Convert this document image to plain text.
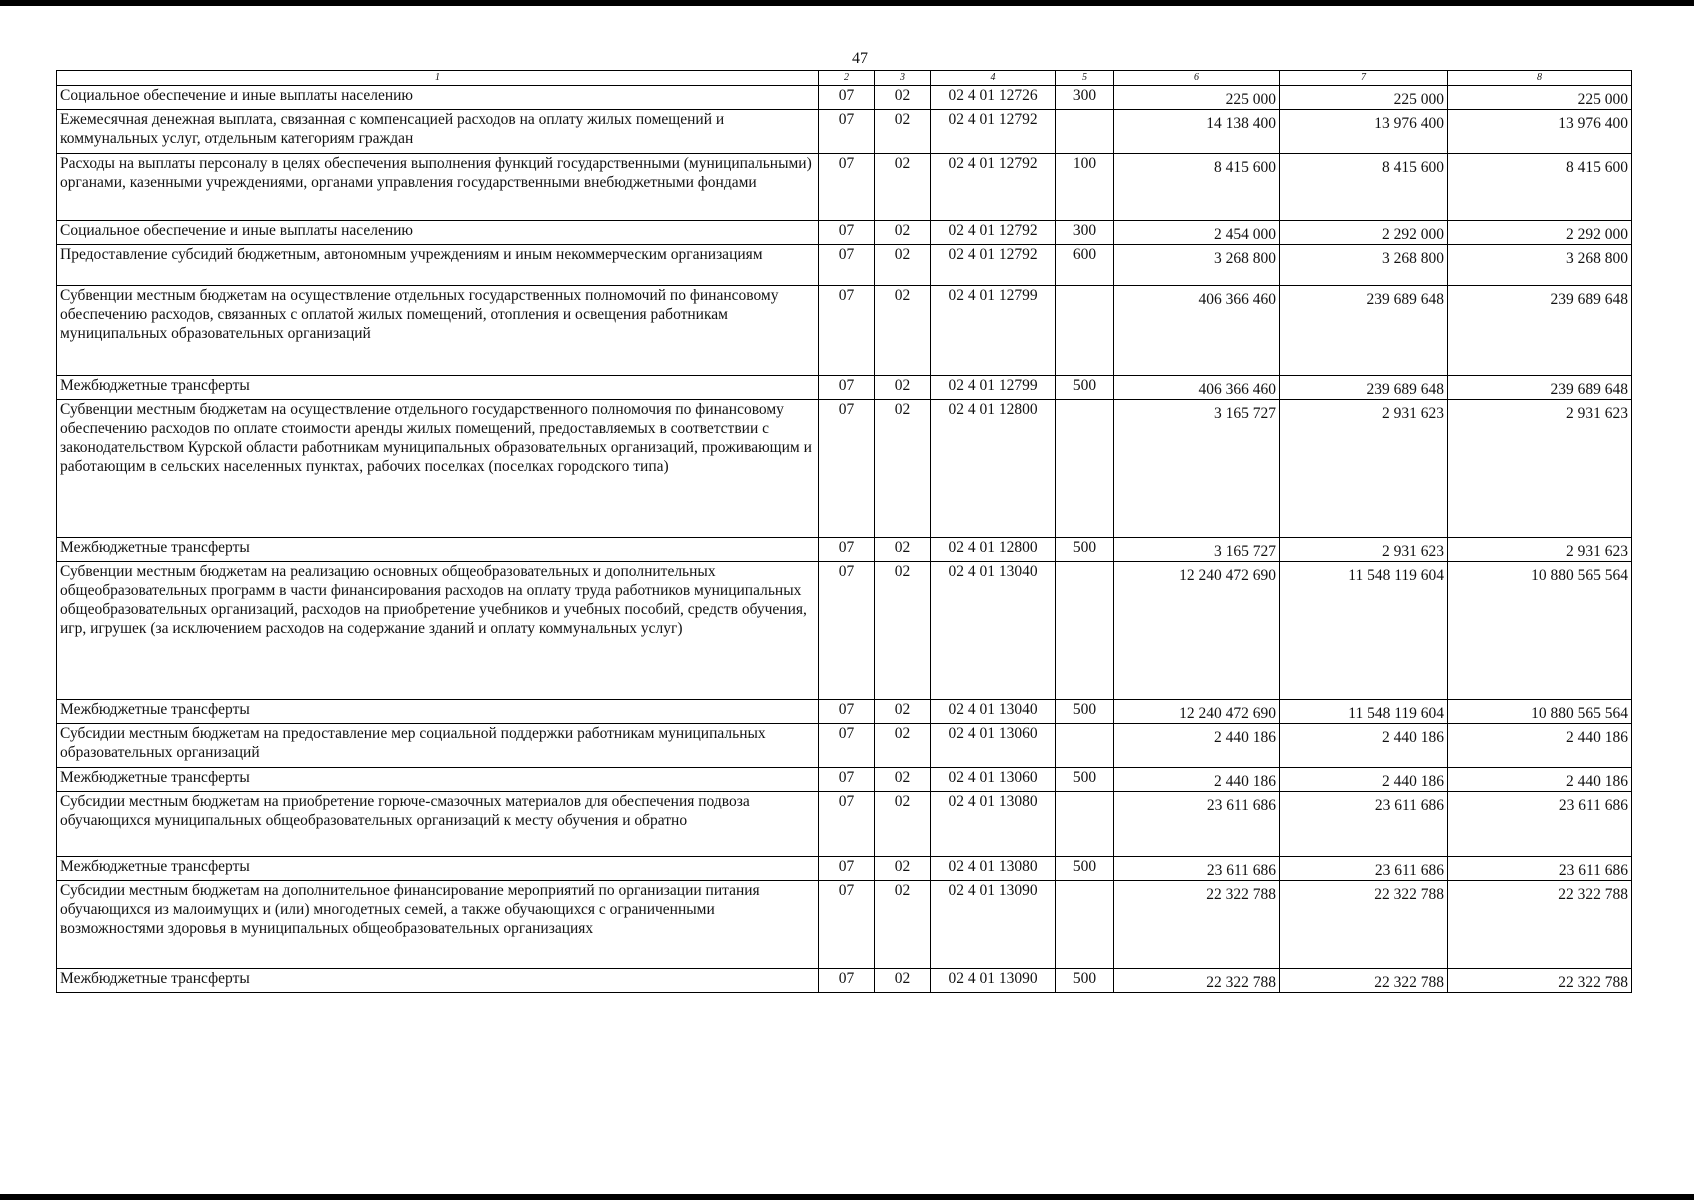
47
1	2	3	4	5	6	7	8
Социальное обеспечение и иные выплаты населению	07	02	02 4 01 12726	300	225 000	225 000	225 000
Ежемесячная денежная выплата, связанная с компенсацией расходов на оплату жилых помещений и коммунальных услуг, отдельным категориям граждан	07	02	02 4 01 12792		14 138 400	13 976 400	13 976 400
Расходы на выплаты персоналу в целях обеспечения выполнения функций государственными (муниципальными) органами, казенными учреждениями, органами управления государственными внебюджетными фондами	07	02	02 4 01 12792	100	8 415 600	8 415 600	8 415 600
Социальное обеспечение и иные выплаты населению	07	02	02 4 01 12792	300	2 454 000	2 292 000	2 292 000
Предоставление субсидий бюджетным, автономным учреждениям и иным некоммерческим организациям	07	02	02 4 01 12792	600	3 268 800	3 268 800	3 268 800
Субвенции местным бюджетам на осуществление отдельных государственных полномочий по финансовому обеспечению расходов, связанных с оплатой жилых помещений, отопления и освещения работникам муниципальных образовательных организаций	07	02	02 4 01 12799		406 366 460	239 689 648	239 689 648
Межбюджетные трансферты	07	02	02 4 01 12799	500	406 366 460	239 689 648	239 689 648
Субвенции местным бюджетам на осуществление отдельного государственного полномочия по финансовому обеспечению расходов по оплате стоимости аренды жилых помещений, предоставляемых в соответствии с законодательством Курской области работникам муниципальных образовательных организаций, проживающим и работающим в сельских населенных пунктах, рабочих поселках (поселках городского типа)	07	02	02 4 01 12800		3 165 727	2 931 623	2 931 623
Межбюджетные трансферты	07	02	02 4 01 12800	500	3 165 727	2 931 623	2 931 623
Субвенции местным бюджетам на реализацию основных общеобразовательных и дополнительных общеобразовательных программ в части финансирования расходов на оплату труда работников муниципальных общеобразовательных организаций, расходов на приобретение учебников и учебных пособий, средств обучения, игр, игрушек (за исключением расходов на содержание зданий и оплату коммунальных услуг)	07	02	02 4 01 13040		12 240 472 690	11 548 119 604	10 880 565 564
Межбюджетные трансферты	07	02	02 4 01 13040	500	12 240 472 690	11 548 119 604	10 880 565 564
Субсидии местным бюджетам на предоставление мер социальной поддержки работникам муниципальных образовательных организаций	07	02	02 4 01 13060		2 440 186	2 440 186	2 440 186
Межбюджетные трансферты	07	02	02 4 01 13060	500	2 440 186	2 440 186	2 440 186
Субсидии местным бюджетам на приобретение горюче-смазочных материалов для обеспечения подвоза обучающихся муниципальных общеобразовательных организаций к месту обучения и обратно	07	02	02 4 01 13080		23 611 686	23 611 686	23 611 686
Межбюджетные трансферты	07	02	02 4 01 13080	500	23 611 686	23 611 686	23 611 686
Субсидии местным бюджетам на дополнительное финансирование мероприятий по организации питания обучающихся из малоимущих и (или) многодетных семей, а также обучающихся с ограниченными возможностями здоровья в муниципальных общеобразовательных организациях	07	02	02 4 01 13090		22 322 788	22 322 788	22 322 788
Межбюджетные трансферты	07	02	02 4 01 13090	500	22 322 788	22 322 788	22 322 788
